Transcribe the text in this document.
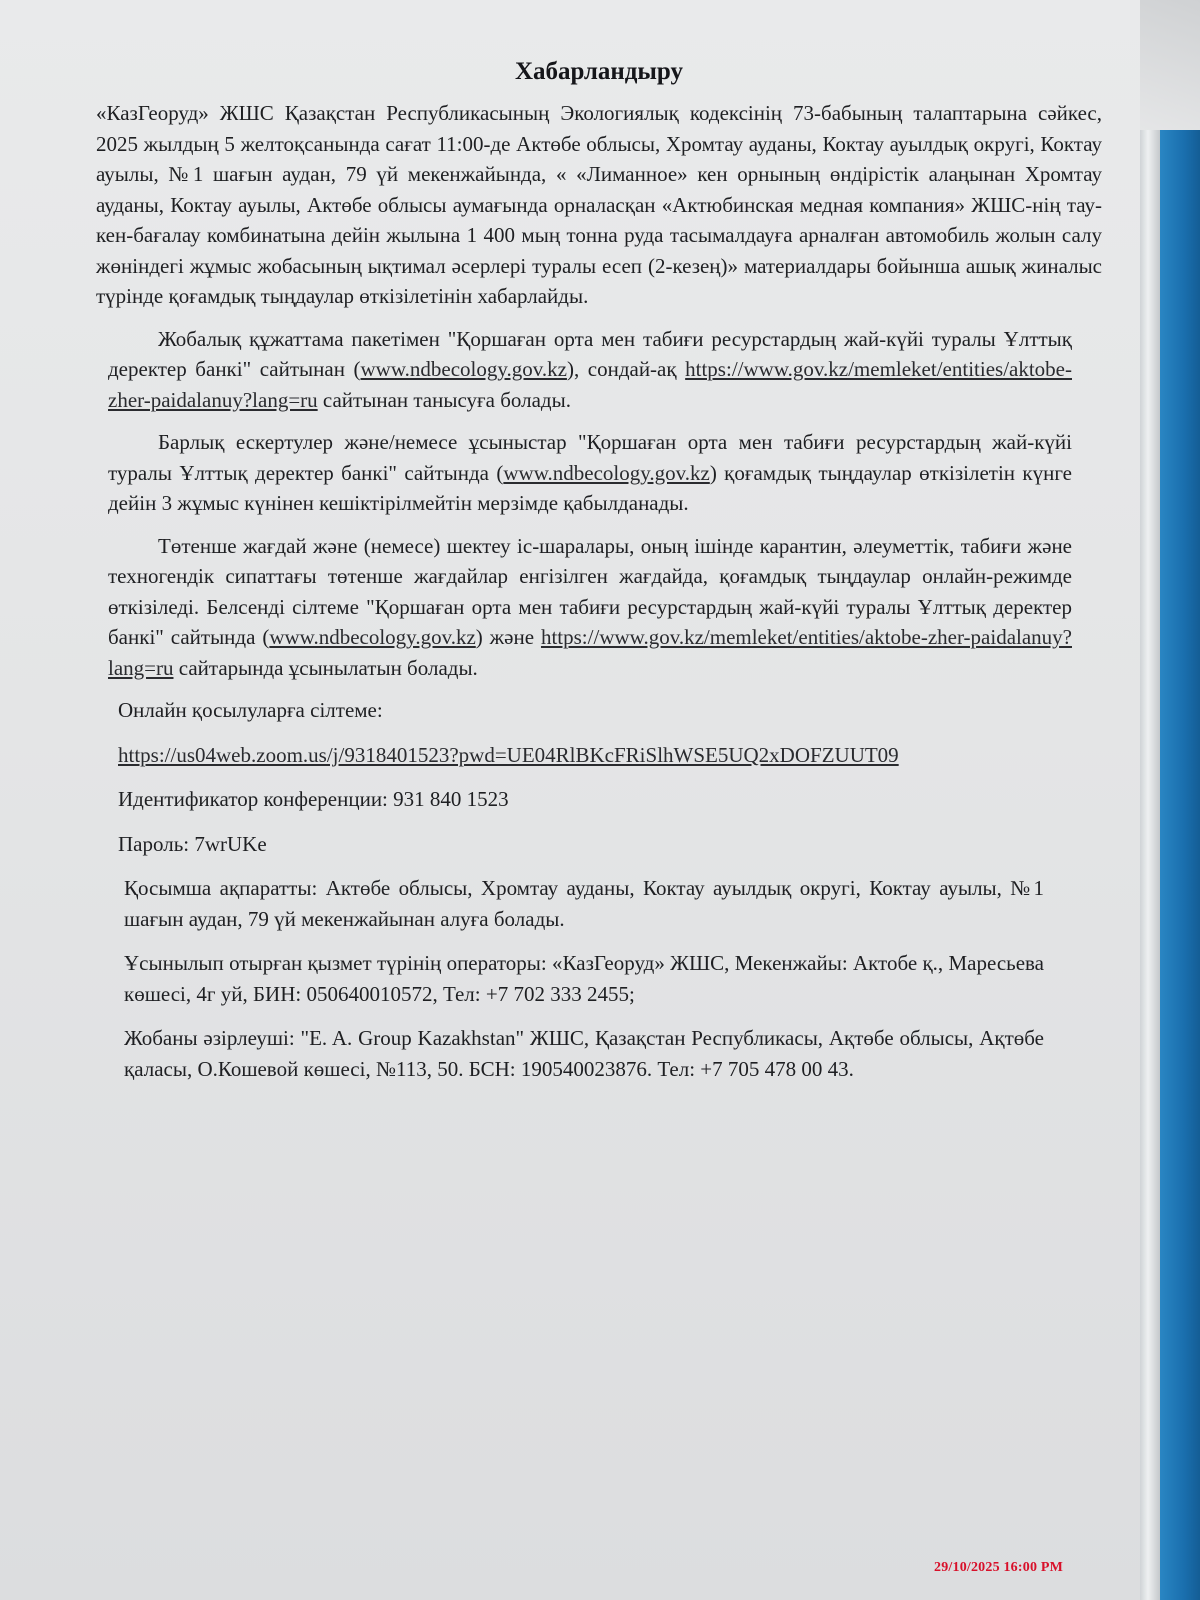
Хабарландыру

«КазГеоруд» ЖШС Қазақстан Республикасының Экологиялық кодексінің 73-бабының талаптарына сәйкес, 2025 жылдың 5 желтоқсанында сағат 11:00-де Актөбе облысы, Хромтау ауданы, Коктау ауылдық округі, Коктау ауылы, №1 шағын аудан, 79 үй мекенжайында, « «Лиманное» кен орнының өндірістік алаңынан Хромтау ауданы, Коктау ауылы, Актөбе облысы аумағында орналасқан «Актюбинская медная компания» ЖШС-нің тау-кен-бағалау комбинатына дейін жылына 1 400 мың тонна руда тасымалдауға арналған автомобиль жолын салу жөніндегі жұмыс жобасының ықтимал әсерлері туралы есеп (2-кезең)» материалдары бойынша ашық жиналыс түрінде қоғамдық тыңдаулар өткізілетінін хабарлайды.

Жобалық құжаттама пакетімен "Қоршаған орта мен табиғи ресурстардың жай-күйі туралы Ұлттық деректер банкі" сайтынан (www.ndbecology.gov.kz), сондай-ақ https://www.gov.kz/memleket/entities/aktobe-zher-paidalanuy?lang=ru сайтынан танысуға болады.

Барлық ескертулер және/немесе ұсыныстар "Қоршаған орта мен табиғи ресурстардың жай-күйі туралы Ұлттық деректер банкі" сайтында (www.ndbecology.gov.kz) қоғамдық тыңдаулар өткізілетін күнге дейін 3 жұмыс күнінен кешіктірілмейтін мерзімде қабылданады.

Төтенше жағдай және (немесе) шектеу іс-шаралары, оның ішінде карантин, әлеуметтік, табиғи және техногендік сипаттағы төтенше жағдайлар енгізілген жағдайда, қоғамдық тыңдаулар онлайн-режимде өткізіледі. Белсенді сілтеме "Қоршаған орта мен табиғи ресурстардың жай-күйі туралы Ұлттық деректер банкі" сайтында (www.ndbecology.gov.kz) және https://www.gov.kz/memleket/entities/aktobe-zher-paidalanuy?lang=ru сайтарында ұсынылатын болады.

Онлайн қосылуларға сілтеме:

https://us04web.zoom.us/j/9318401523?pwd=UE04RlBKcFRiSlhWSE5UQ2xDOFZUUT09

Идентификатор конференции: 931 840 1523

Пароль: 7wrUKe

Қосымша ақпаратты: Актөбе облысы, Хромтау ауданы, Коктау ауылдық округі, Коктау ауылы, №1 шағын аудан, 79 үй мекенжайынан алуға болады.

Ұсынылып отырған қызмет түрінің операторы: «КазГеоруд» ЖШС, Мекенжайы: Актобе қ., Маресьева көшесі, 4г уй, БИН: 050640010572, Тел: +7 702 333 2455;

Жобаны әзірлеуші: "E. A. Group Kazakhstan" ЖШС, Қазақстан Республикасы, Ақтөбе облысы, Ақтөбе қаласы, О.Кошевой көшесі, №113, 50. БСН: 190540023876. Тел: +7 705 478 00 43.

29/10/2025 16:00 PM
